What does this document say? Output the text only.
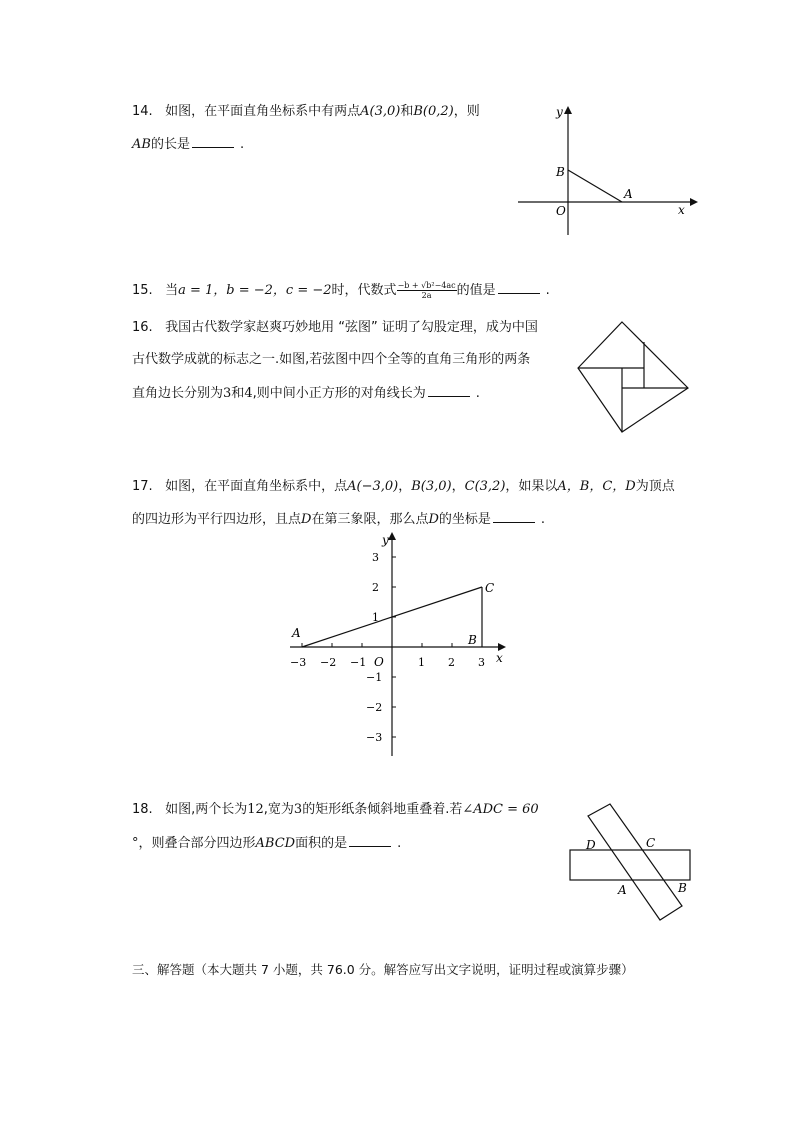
14. 如图，在平面直角坐标系中有两点A(3,0)和B(0,2)，则
AB的长是	.
y
x
O
A
B
15. 当a = 1，b = −2，c = −2时，代数式 $\frac{\text{−b + √b²−4ac}}{2a}$ 的值是	.
16. 我国古代数学家赵爽巧妙地用 “弦图” 证明了勾股定理，成为中国
古代数学成就的标志之一.如图,若弦图中四个全等的直角三角形的两条
直角边长分别为3和4,则中间小正方形的对角线长为	.
17. 如图，在平面直角坐标系中，点A(−3,0)，B(3,0)，C(3,2)，如果以A，B，C，D为顶点
的四边形为平行四边形，且点D在第三象限，那么点D的坐标是	.
−3 −2 −1	1 2 3
3
2
1
−1
−2
−3
A	B
C
O
y
x
18. 如图,两个长为12,宽为3的矩形纸条倾斜地重叠着.若∠ADC = 60
°，则叠合部分四边形ABCD面积的是	.	D	C
A	B
三、解答题（本大题共 7 小题，共 76.0 分。解答应写出文字说明，证明过程或演算步骤）
